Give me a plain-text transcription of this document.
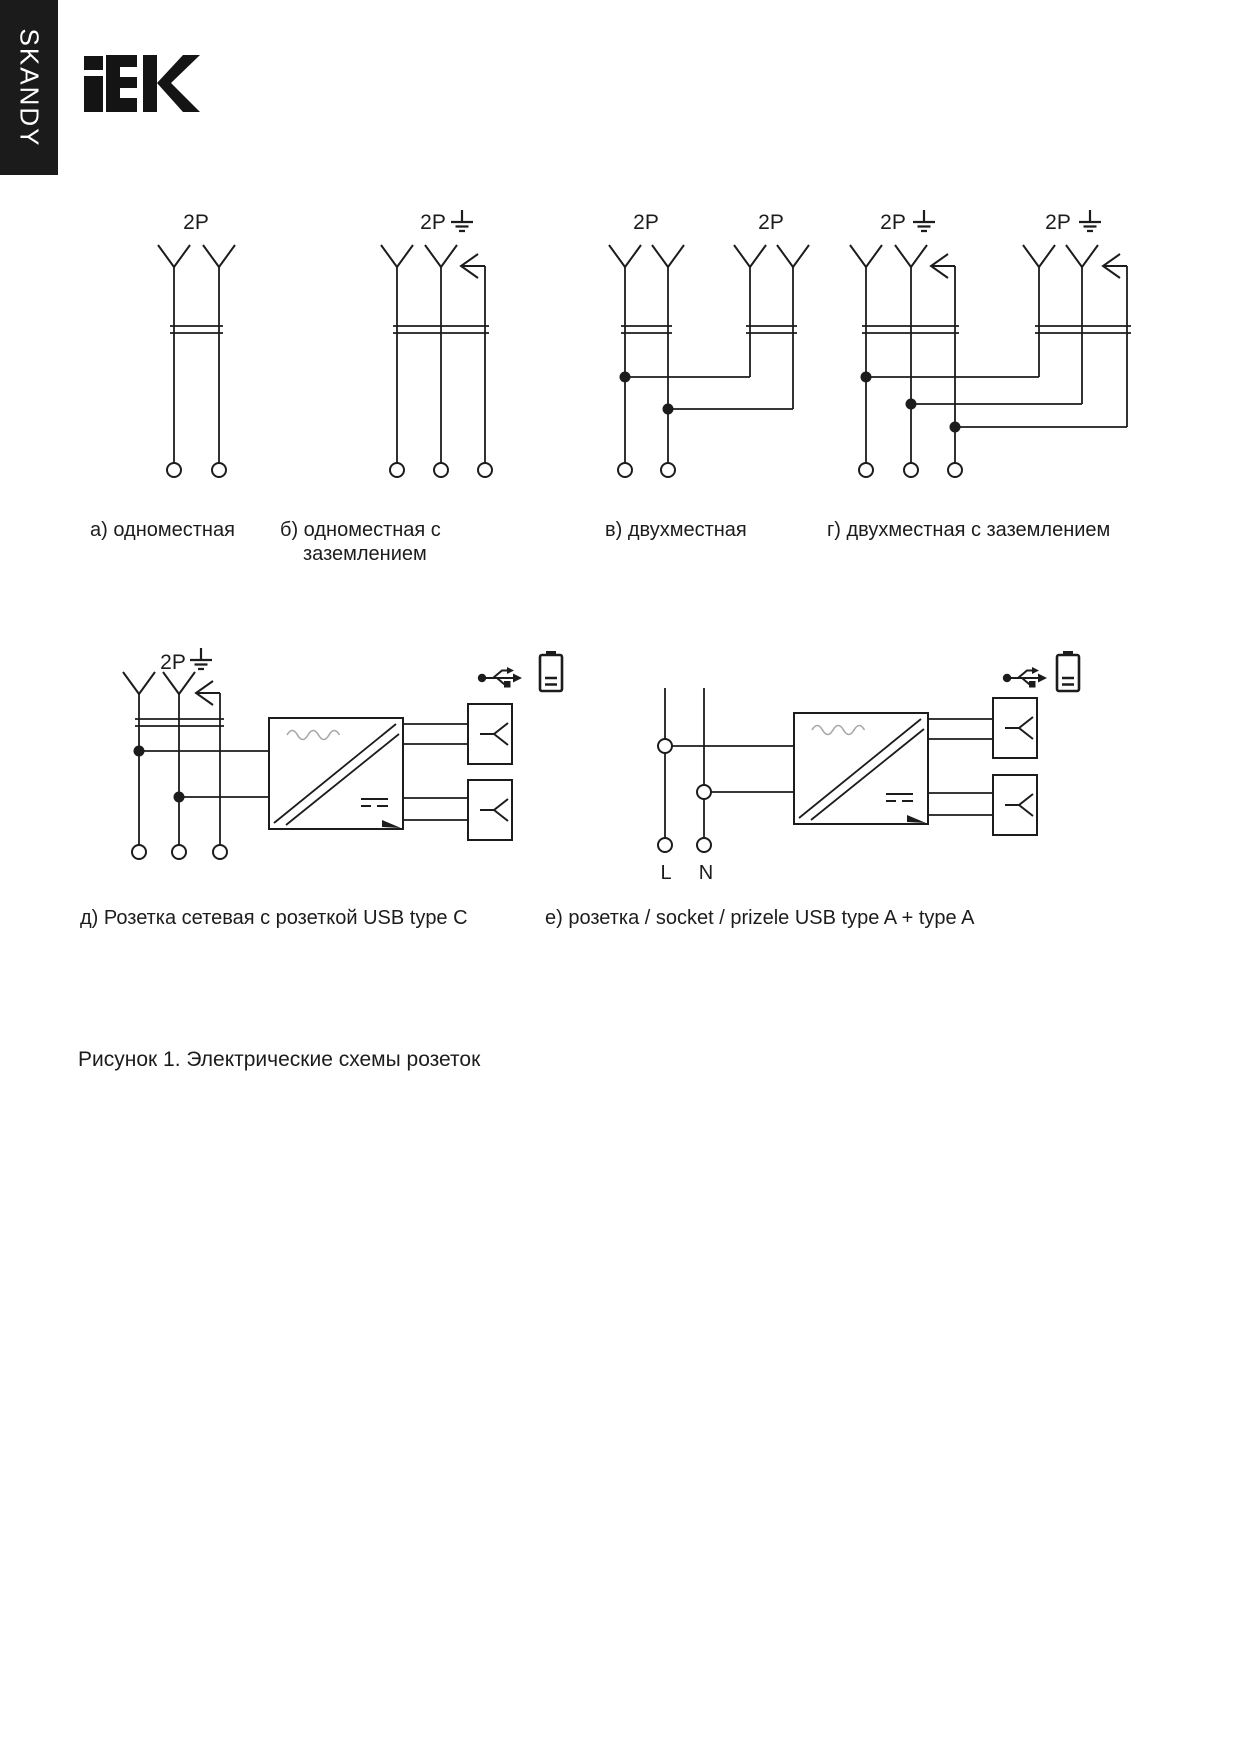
SKANDY
2P	2P	2P	2P	2P	2P
2P
L N
а) одноместная б) одноместная с
заземлением
в) двухместная	г) двухместная с заземлением
д) Розетка сетевая с розеткой USB type C	е) розетка / socket / prizele USB type A + type A
Рисунок 1. Электрические схемы розеток
